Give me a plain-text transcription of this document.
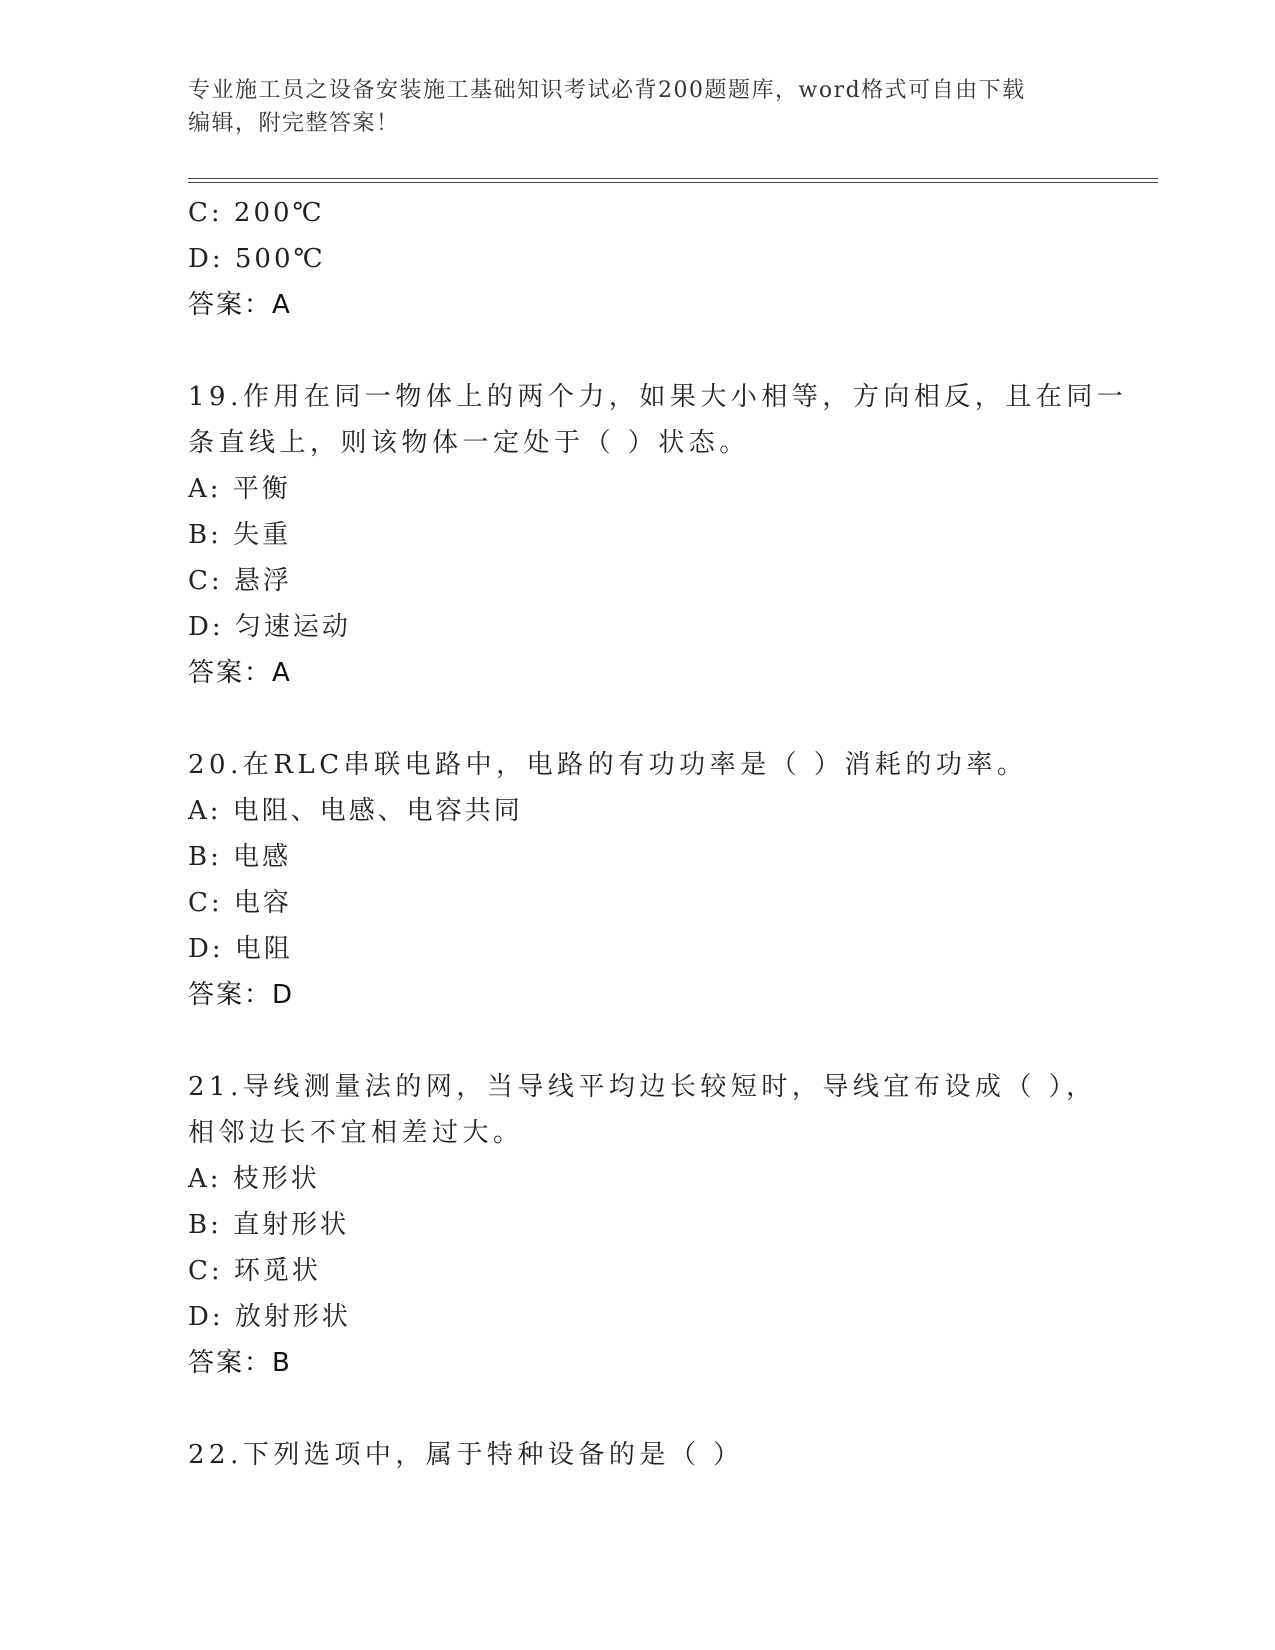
专业施工员之设备安装施工基础知识考试必背200题题库，word格式可自由下载
编辑，附完整答案！
C: 200℃
D: 500℃
答案：A
19.作用在同一物体上的两个力，如果大小相等，方向相反，且在同一
条直线上，则该物体一定处于（ ）状态。
A: 平衡
B: 失重
C: 悬浮
D: 匀速运动
答案：A
20.在RLC串联电路中，电路的有功功率是（ ）消耗的功率。
A: 电阻、电感、电容共同
B: 电感
C: 电容
D: 电阻
答案：D
21.导线测量法的网，当导线平均边长较短时，导线宜布设成（ ），
相邻边长不宜相差过大。
A: 枝形状
B: 直射形状
C: 环觅状
D: 放射形状
答案：B
22.下列选项中，属于特种设备的是（ ）
